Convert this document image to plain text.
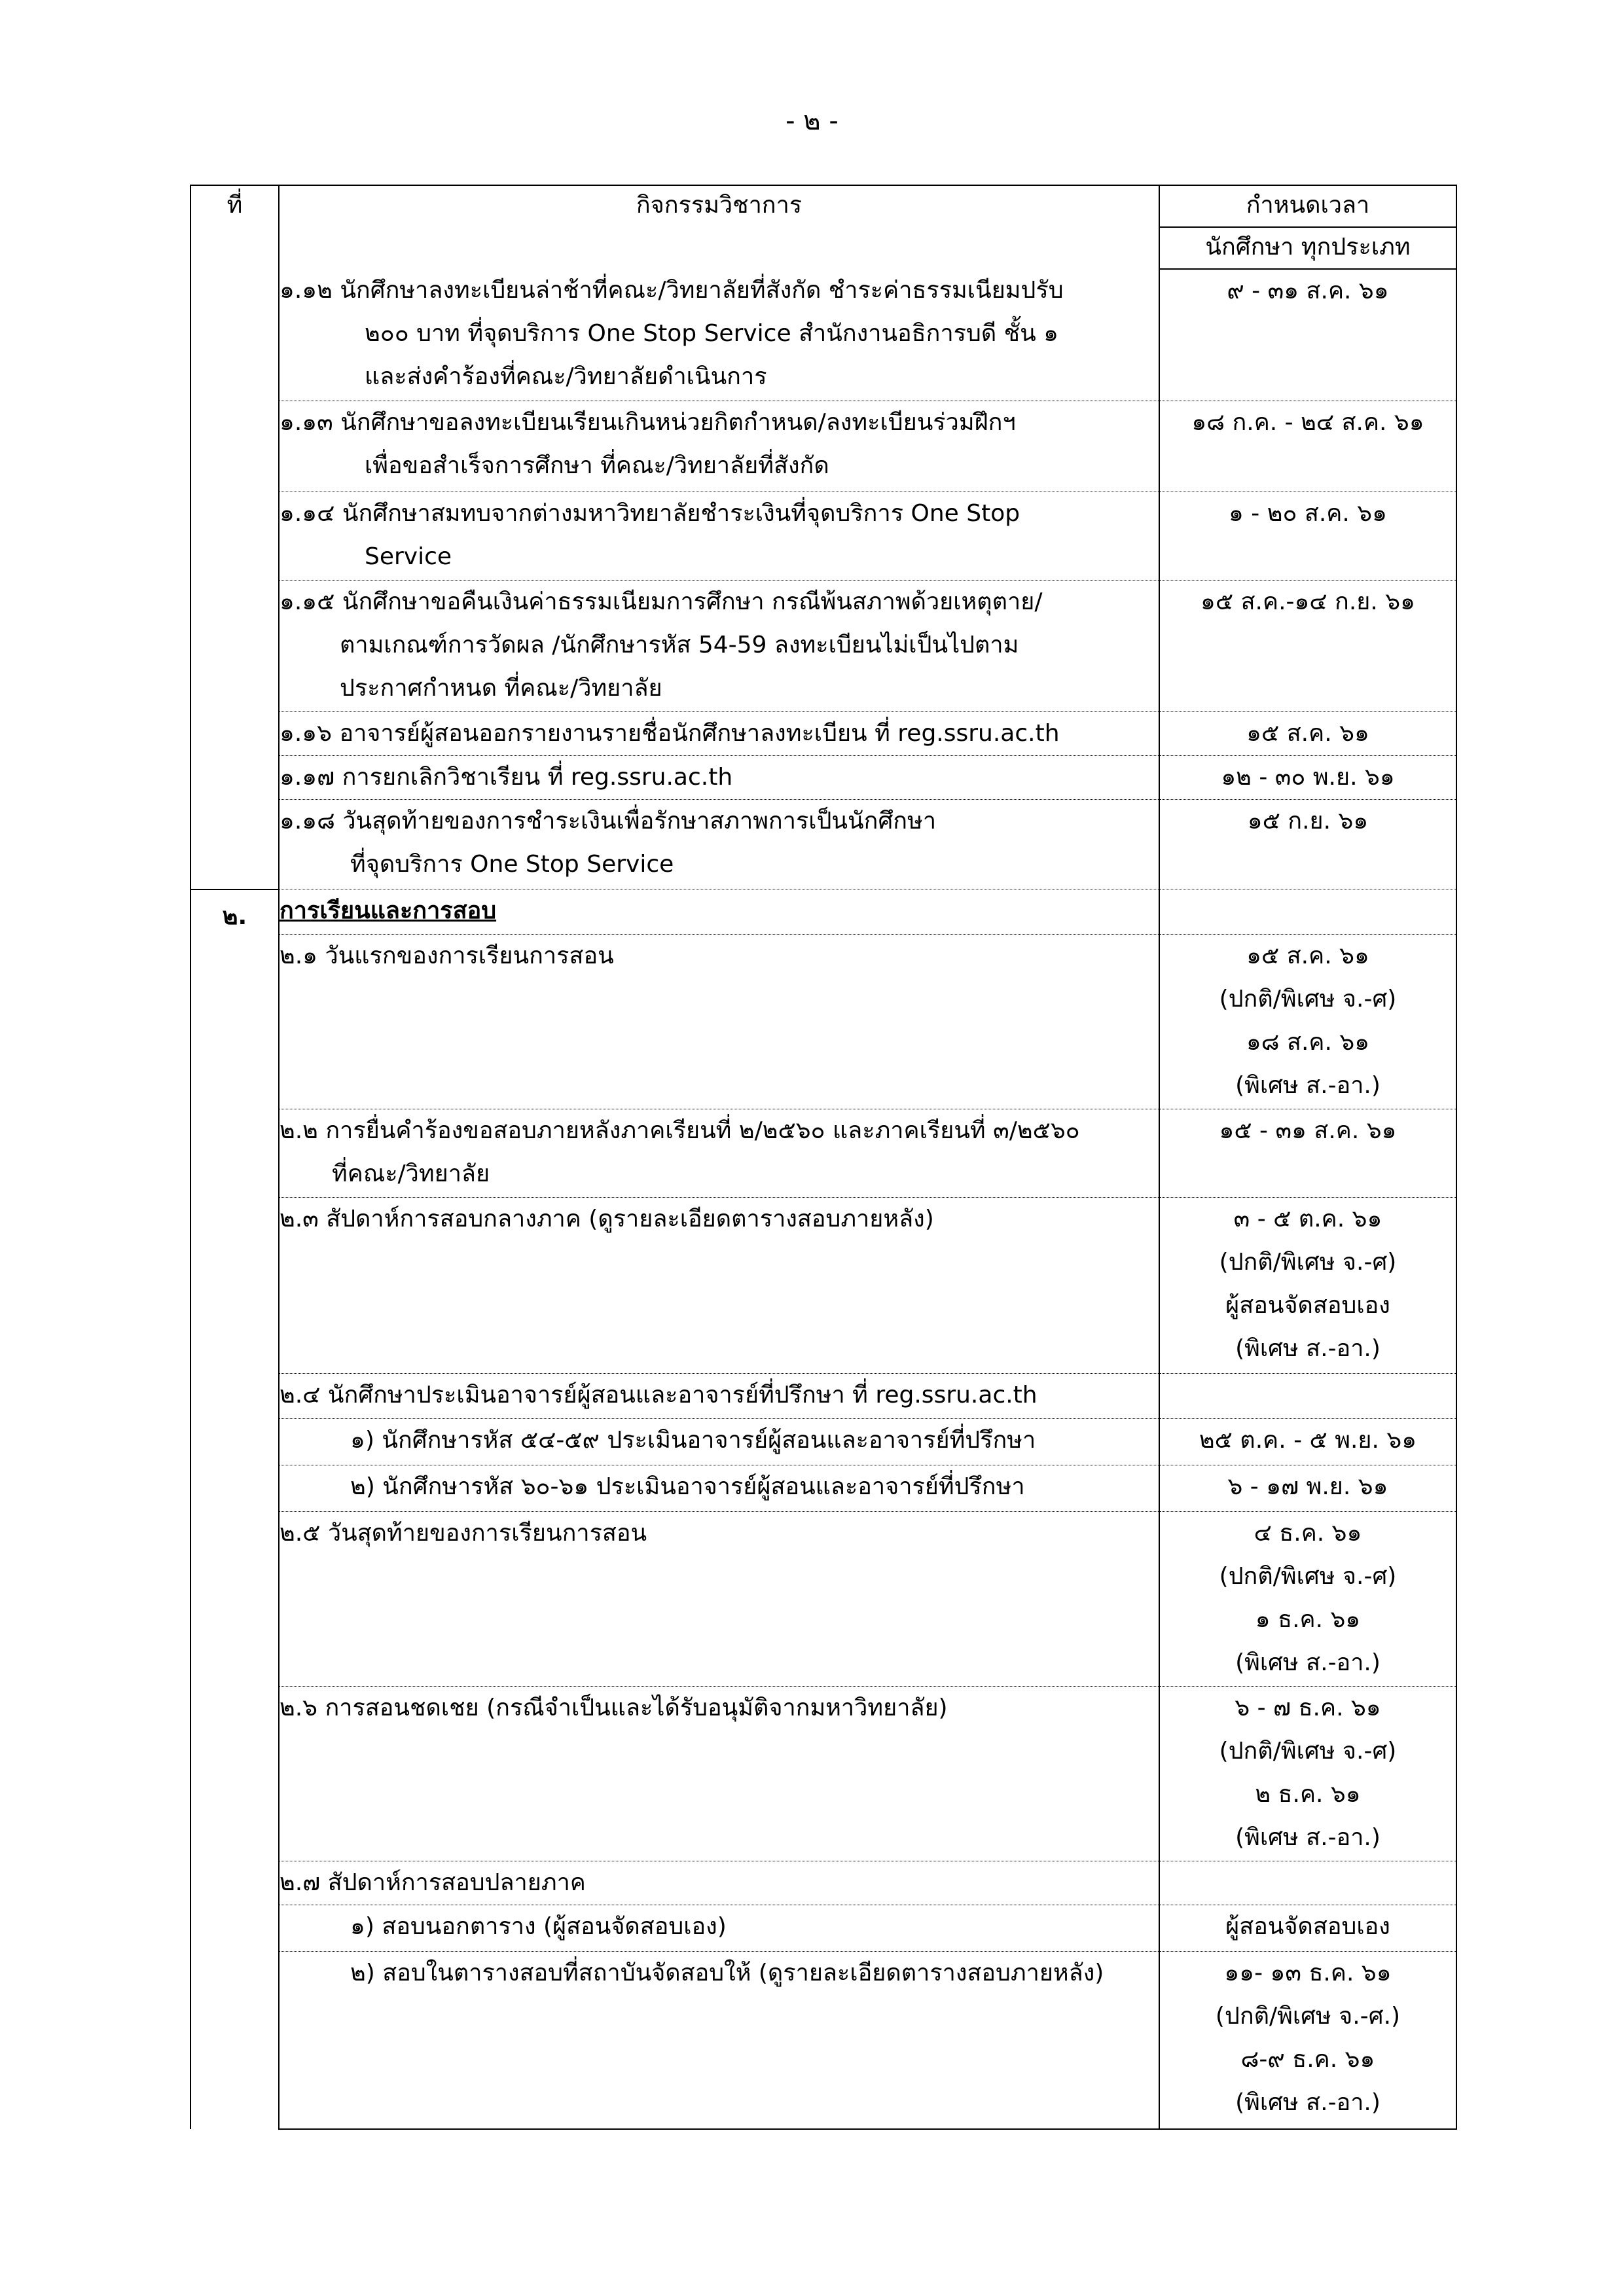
- ๒ -
ที่	กิจกรรมวิชาการ	กำหนดเวลา
		นักศึกษา ทุกประเภท

	๑.๑๒ นักศึกษาลงทะเบียนล่าช้าที่คณะ/วิทยาลัยที่สังกัด ชำระค่าธรรมเนียมปรับ
๒๐๐ บาท ที่จุดบริการ One Stop Service สำนักงานอธิการบดี ชั้น ๑
และส่งคำร้องที่คณะ/วิทยาลัยดำเนินการ	๙ - ๓๑ ส.ค. ๖๑

	๑.๑๓ นักศึกษาขอลงทะเบียนเรียนเกินหน่วยกิตกำหนด/ลงทะเบียนร่วมฝึกฯ
เพื่อขอสำเร็จการศึกษา ที่คณะ/วิทยาลัยที่สังกัด	๑๘ ก.ค. - ๒๔ ส.ค. ๖๑

	๑.๑๔ นักศึกษาสมทบจากต่างมหาวิทยาลัยชำระเงินที่จุดบริการ One Stop
Service	๑ - ๒๐ ส.ค. ๖๑

	๑.๑๕ นักศึกษาขอคืนเงินค่าธรรมเนียมการศึกษา กรณีพ้นสภาพด้วยเหตุตาย/
ตามเกณฑ์การวัดผล /นักศึกษารหัส 54-59 ลงทะเบียนไม่เป็นไปตาม
ประกาศกำหนด ที่คณะ/วิทยาลัย	๑๕ ส.ค.-๑๔ ก.ย. ๖๑

	๑.๑๖ อาจารย์ผู้สอนออกรายงานรายชื่อนักศึกษาลงทะเบียน ที่ reg.ssru.ac.th	๑๕ ส.ค. ๖๑

	๑.๑๗ การยกเลิกวิชาเรียน ที่ reg.ssru.ac.th	๑๒ - ๓๐ พ.ย. ๖๑

	๑.๑๘ วันสุดท้ายของการชำระเงินเพื่อรักษาสภาพการเป็นนักศึกษา
ที่จุดบริการ One Stop Service	๑๕ ก.ย. ๖๑

๒.	การเรียนและการสอบ	

	๒.๑ วันแรกของการเรียนการสอน	๑๕ ส.ค. ๖๑
(ปกติ/พิเศษ จ.-ศ)
๑๘ ส.ค. ๖๑
(พิเศษ ส.-อา.)

	๒.๒ การยื่นคำร้องขอสอบภายหลังภาคเรียนที่ ๒/๒๕๖๐ และภาคเรียนที่ ๓/๒๕๖๐
ที่คณะ/วิทยาลัย	๑๕ - ๓๑ ส.ค. ๖๑

	๒.๓ สัปดาห์การสอบกลางภาค (ดูรายละเอียดตารางสอบภายหลัง)	๓ - ๕ ต.ค. ๖๑
(ปกติ/พิเศษ จ.-ศ)
ผู้สอนจัดสอบเอง
(พิเศษ ส.-อา.)

	๒.๔ นักศึกษาประเมินอาจารย์ผู้สอนและอาจารย์ที่ปรึกษา ที่ reg.ssru.ac.th	

	๑) นักศึกษารหัส ๕๔-๕๙ ประเมินอาจารย์ผู้สอนและอาจารย์ที่ปรึกษา	๒๕ ต.ค. - ๕ พ.ย. ๖๑

	๒) นักศึกษารหัส ๖๐-๖๑ ประเมินอาจารย์ผู้สอนและอาจารย์ที่ปรึกษา	๖ - ๑๗ พ.ย. ๖๑

	๒.๕ วันสุดท้ายของการเรียนการสอน	๔ ธ.ค. ๖๑
(ปกติ/พิเศษ จ.-ศ)
๑ ธ.ค. ๖๑
(พิเศษ ส.-อา.)

	๒.๖ การสอนชดเชย (กรณีจำเป็นและได้รับอนุมัติจากมหาวิทยาลัย)	๖ - ๗ ธ.ค. ๖๑
(ปกติ/พิเศษ จ.-ศ)
๒ ธ.ค. ๖๑
(พิเศษ ส.-อา.)

	๒.๗ สัปดาห์การสอบปลายภาค	

	๑) สอบนอกตาราง (ผู้สอนจัดสอบเอง)	ผู้สอนจัดสอบเอง

	๒) สอบในตารางสอบที่สถาบันจัดสอบให้ (ดูรายละเอียดตารางสอบภายหลัง)	๑๑- ๑๓ ธ.ค. ๖๑
(ปกติ/พิเศษ จ.-ศ.)
๘-๙ ธ.ค. ๖๑
(พิเศษ ส.-อา.)
